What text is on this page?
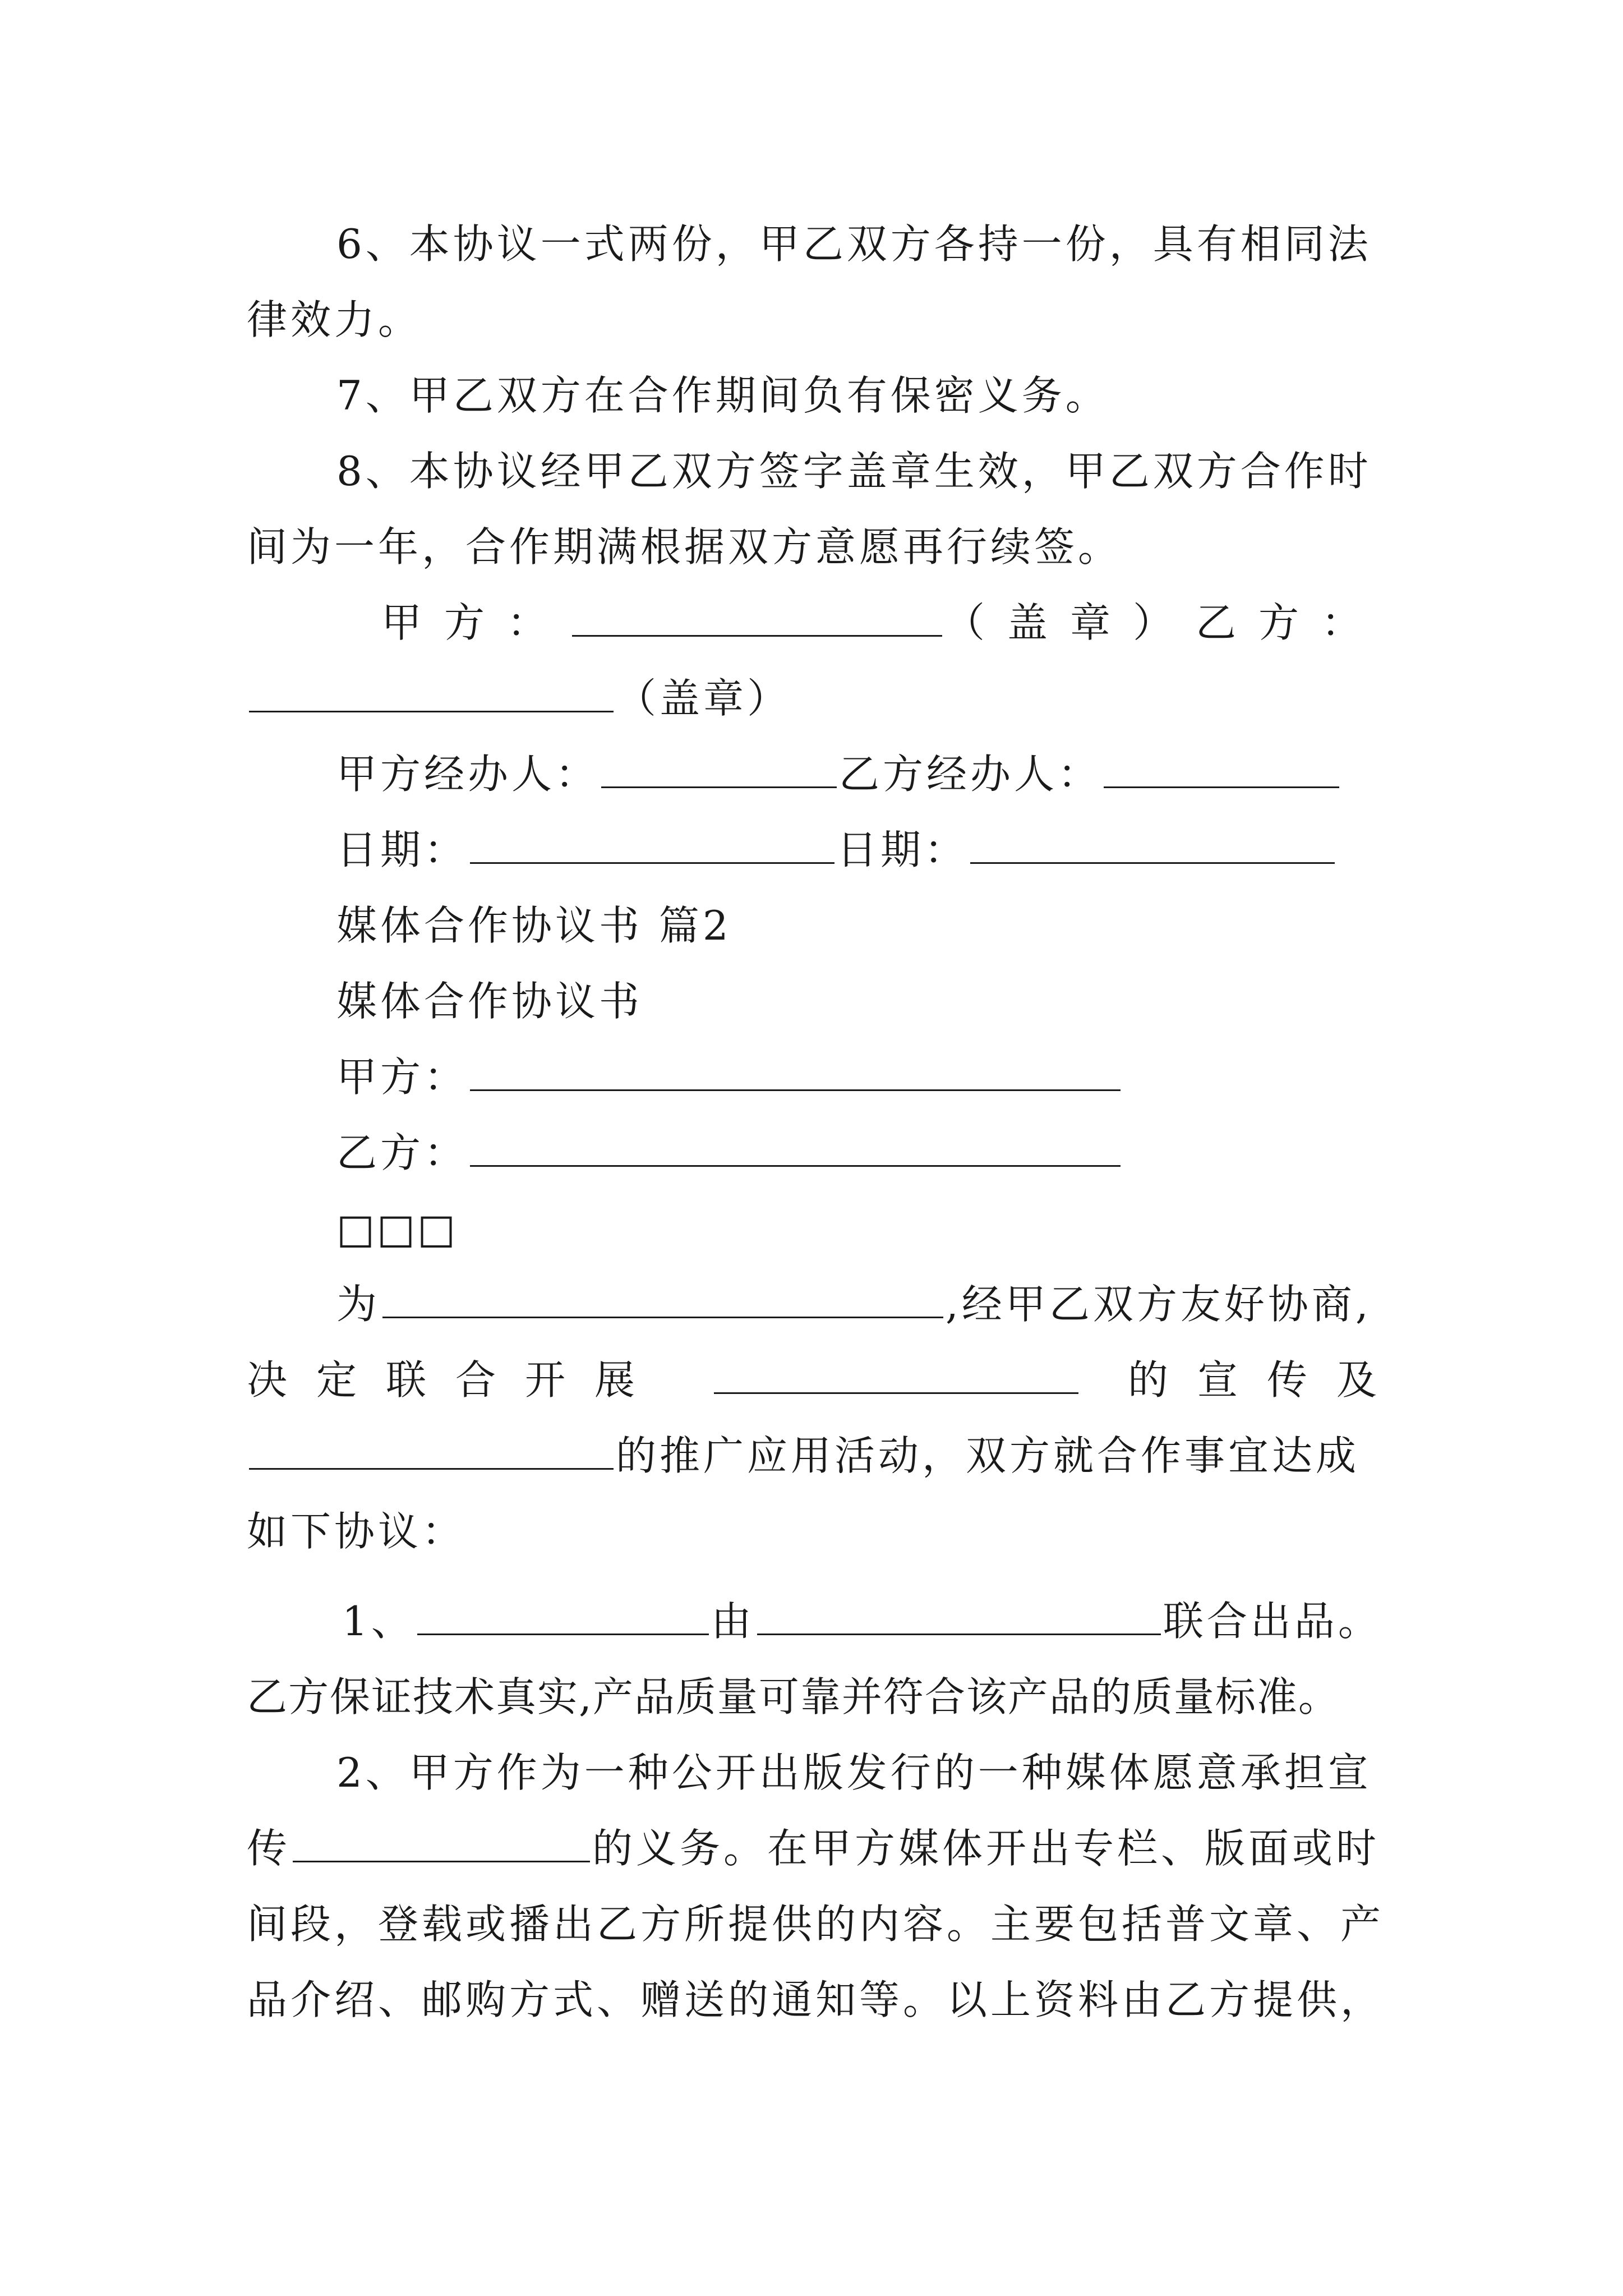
6、本协议一式两份，甲乙双方各持一份，具有相同法
律效力。
7、甲乙双方在合作期间负有保密义务。
8、本协议经甲乙双方签字盖章生效，甲乙双方合作时
间为一年，合作期满根据双方意愿再行续签。
甲方：	（盖章）乙方：
（盖章）
甲方经办人：	乙方经办人：
日期：	日期：
媒体合作协议书 篇2
媒体合作协议书
甲方：
乙方：
□□□
为	,经甲乙双方友好协商,
决定联合开展	的宣传及
的推广应用活动，双方就合作事宜达成
如下协议：
1、	由	联合出品。
乙方保证技术真实,产品质量可靠并符合该产品的质量标准。
2、甲方作为一种公开出版发行的一种媒体愿意承担宣
传	的义务。在甲方媒体开出专栏、版面或时
间段，登载或播出乙方所提供的内容。主要包括普文章、产
品介绍、邮购方式、赠送的通知等。以上资料由乙方提供，
